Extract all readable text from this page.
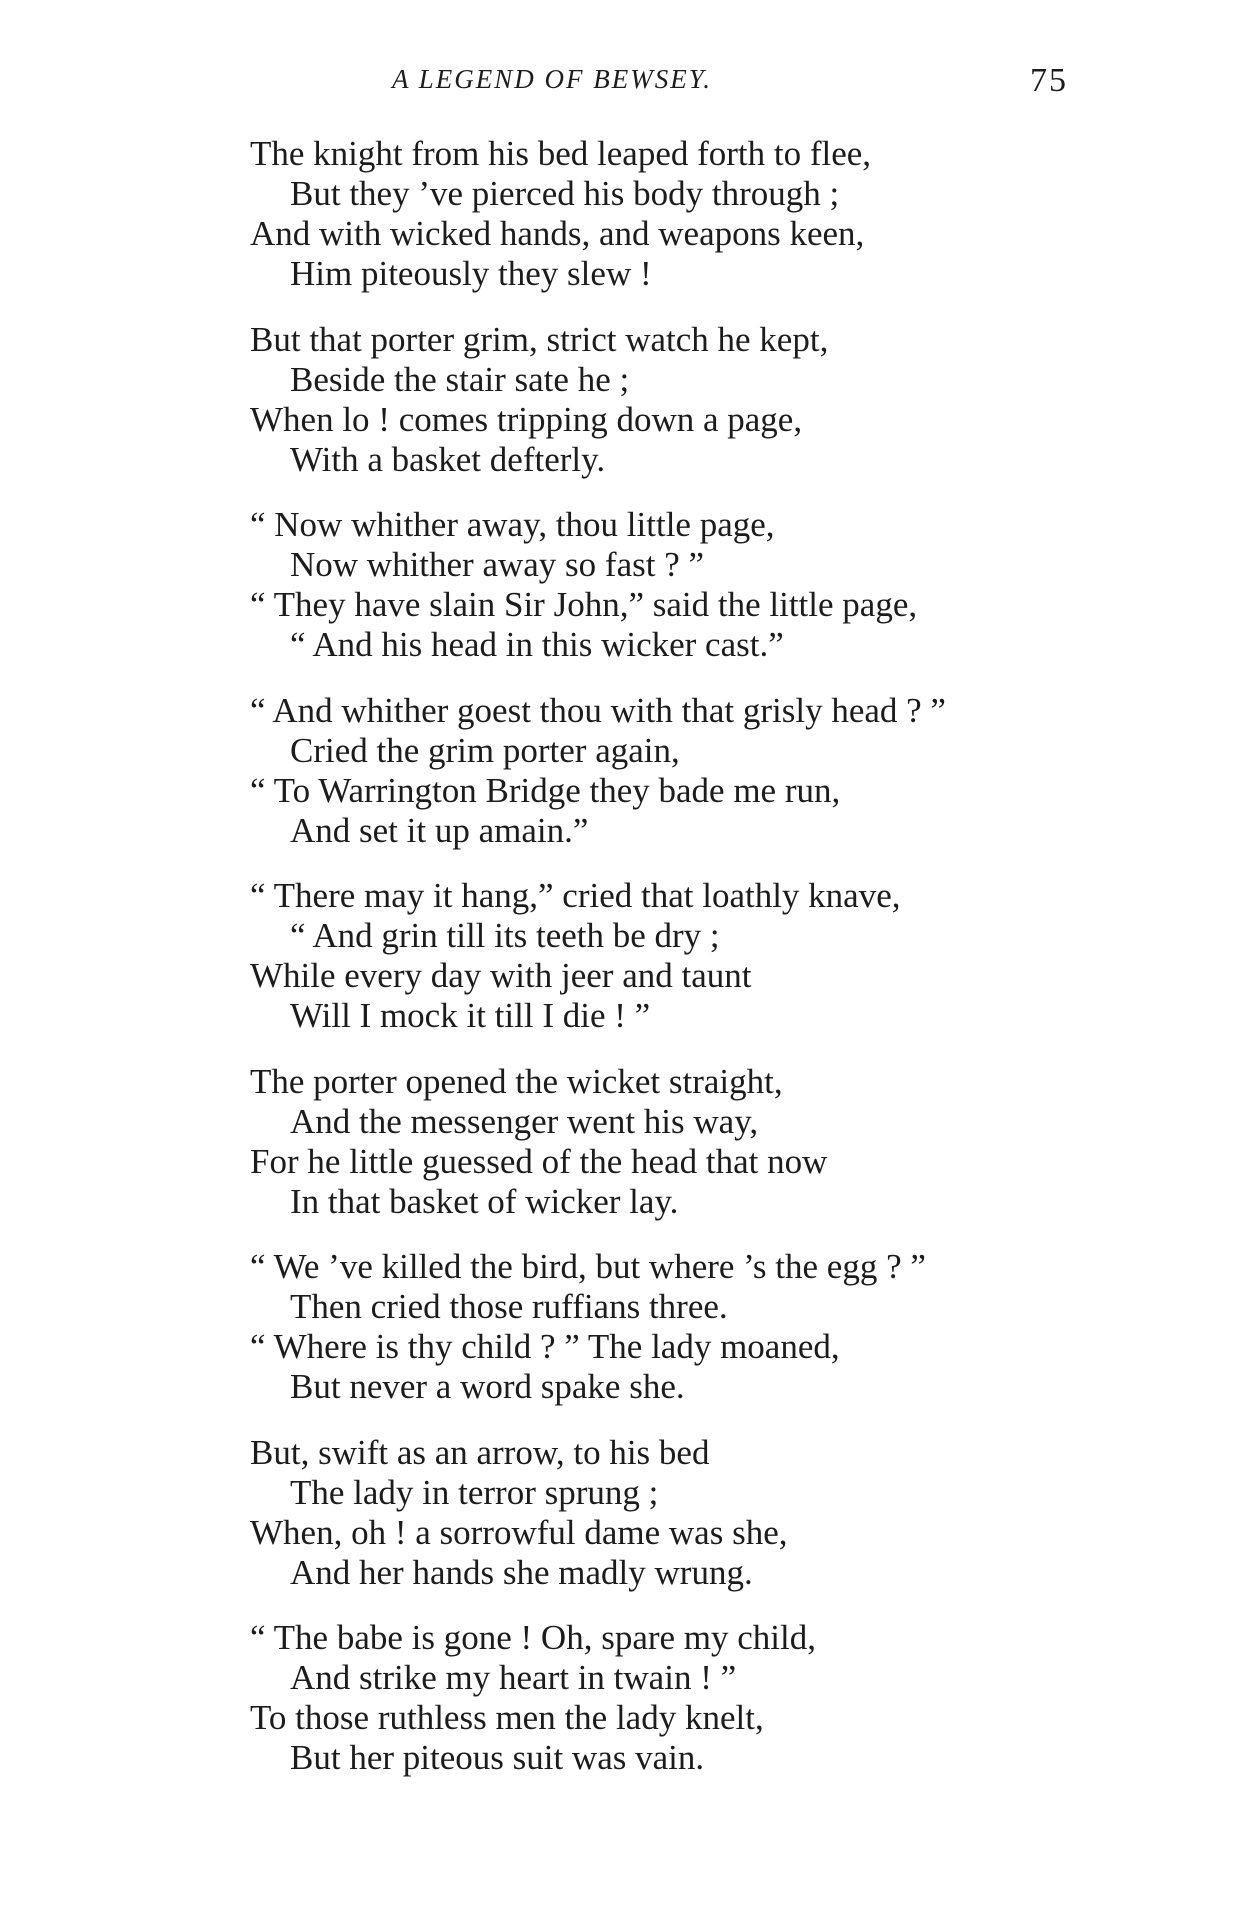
A LEGEND OF BEWSEY.	75
The knight from his bed leaped forth to flee,
But they ’ve pierced his body through ;
And with wicked hands, and weapons keen,
Him piteously they slew !
But that porter grim, strict watch he kept,
Beside the stair sate he ;
When lo ! comes tripping down a page,
With a basket defterly.
“ Now whither away, thou little page,
Now whither away so fast ? ”
“ They have slain Sir John,” said the little page,
“ And his head in this wicker cast.”
“ And whither goest thou with that grisly head ? ”
Cried the grim porter again,
“ To Warrington Bridge they bade me run,
And set it up amain.”
“ There may it hang,” cried that loathly knave,
“ And grin till its teeth be dry ;
While every day with jeer and taunt
Will I mock it till I die ! ”
The porter opened the wicket straight,
And the messenger went his way,
For he little guessed of the head that now
In that basket of wicker lay.
“ We ’ve killed the bird, but where ’s the egg ? ”
Then cried those ruffians three.
“ Where is thy child ? ” The lady moaned,
But never a word spake she.
But, swift as an arrow, to his bed
The lady in terror sprung ;
When, oh ! a sorrowful dame was she,
And her hands she madly wrung.
“ The babe is gone ! Oh, spare my child,
And strike my heart in twain ! ”
To those ruthless men the lady knelt,
But her piteous suit was vain.
